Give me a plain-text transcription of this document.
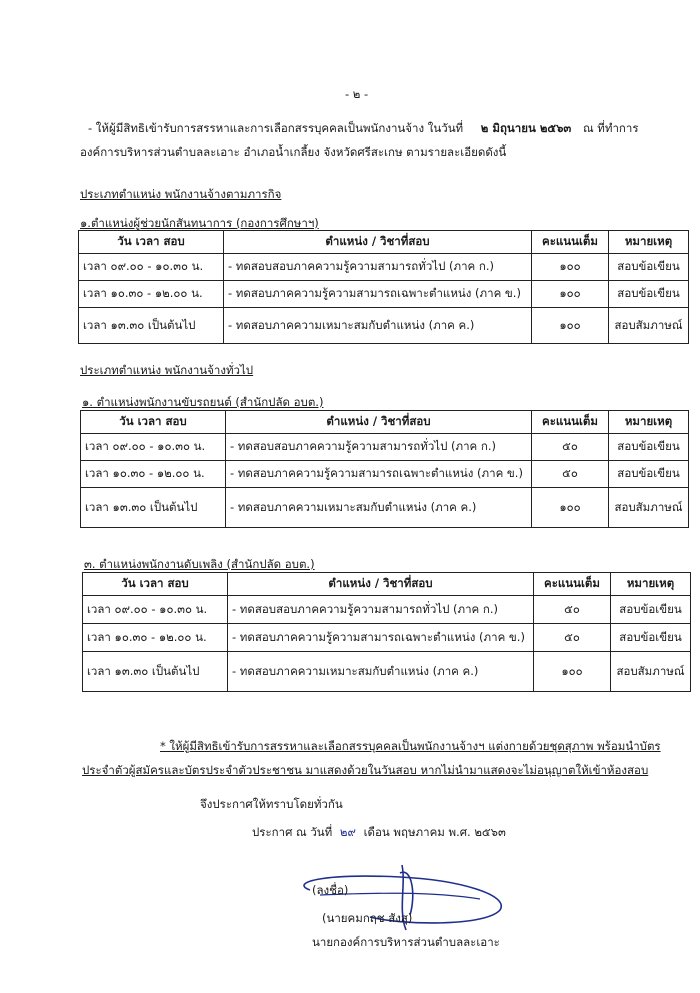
- ๒ -
- ให้ผู้มีสิทธิเข้ารับการสรรหาและการเลือกสรรบุคคลเป็นพนักงานจ้าง ในวันที่ ๒ มิถุนายน ๒๕๖๓ ณ ที่ทำการ
องค์การบริหารส่วนตำบลละเอาะ อำเภอน้ำเกลี้ยง จังหวัดศรีสะเกษ ตามรายละเอียดดังนี้
ประเภทตำแหน่ง พนักงานจ้างตามภารกิจ
๑.ตำแหน่งผู้ช่วยนักสันทนาการ (กองการศึกษาฯ)
วัน เวลา สอบ	ตำแหน่ง / วิชาที่สอบ	คะแนนเต็ม	หมายเหตุ
เวลา ๐๙.๐๐ - ๑๐.๓๐ น.	- ทดสอบสอบภาคความรู้ความสามารถทั่วไป (ภาค ก.)	๑๐๐	สอบข้อเขียน
เวลา ๑๐.๓๐ - ๑๒.๐๐ น.	- ทดสอบภาคความรู้ความสามารถเฉพาะตำแหน่ง (ภาค ข.)	๑๐๐	สอบข้อเขียน
เวลา ๑๓.๓๐ เป็นต้นไป	- ทดสอบภาคความเหมาะสมกับตำแหน่ง (ภาค ค.)	๑๐๐	สอบสัมภาษณ์
ประเภทตำแหน่ง พนักงานจ้างทั่วไป
๑. ตำแหน่งพนักงานขับรถยนต์ (สำนักปลัด อบต.)
วัน เวลา สอบ	ตำแหน่ง / วิชาที่สอบ	คะแนนเต็ม	หมายเหตุ
เวลา ๐๙.๐๐ - ๑๐.๓๐ น.	- ทดสอบสอบภาคความรู้ความสามารถทั่วไป (ภาค ก.)	๕๐	สอบข้อเขียน
เวลา ๑๐.๓๐ - ๑๒.๐๐ น.	- ทดสอบภาคความรู้ความสามารถเฉพาะตำแหน่ง (ภาค ข.)	๕๐	สอบข้อเขียน
เวลา ๑๓.๓๐ เป็นต้นไป	- ทดสอบภาคความเหมาะสมกับตำแหน่ง (ภาค ค.)	๑๐๐	สอบสัมภาษณ์
๓. ตำแหน่งพนักงานดับเพลิง (สำนักปลัด อบต.)
วัน เวลา สอบ	ตำแหน่ง / วิชาที่สอบ	คะแนนเต็ม	หมายเหตุ
เวลา ๐๙.๐๐ - ๑๐.๓๐ น.	- ทดสอบสอบภาคความรู้ความสามารถทั่วไป (ภาค ก.)	๕๐	สอบข้อเขียน
เวลา ๑๐.๓๐ - ๑๒.๐๐ น.	- ทดสอบภาคความรู้ความสามารถเฉพาะตำแหน่ง (ภาค ข.)	๕๐	สอบข้อเขียน
เวลา ๑๓.๓๐ เป็นต้นไป	- ทดสอบภาคความเหมาะสมกับตำแหน่ง (ภาค ค.)	๑๐๐	สอบสัมภาษณ์
* ให้ผู้มีสิทธิเข้ารับการสรรหาและเลือกสรรบุคคลเป็นพนักงานจ้างฯ แต่งกายด้วยชุดสุภาพ พร้อมนำบัตร
ประจำตัวผู้สมัครและบัตรประจำตัวประชาชน มาแสดงด้วยในวันสอบ หากไม่นำมาแสดงจะไม่อนุญาตให้เข้าห้องสอบ
จึงประกาศให้ทราบโดยทั่วกัน
ประกาศ ณ วันที่ ๒๙ เดือน พฤษภาคม พ.ศ. ๒๕๖๓
(ลงชื่อ)
(นายคมกฤช สังสุ)
นายกองค์การบริหารส่วนตำบลละเอาะ
